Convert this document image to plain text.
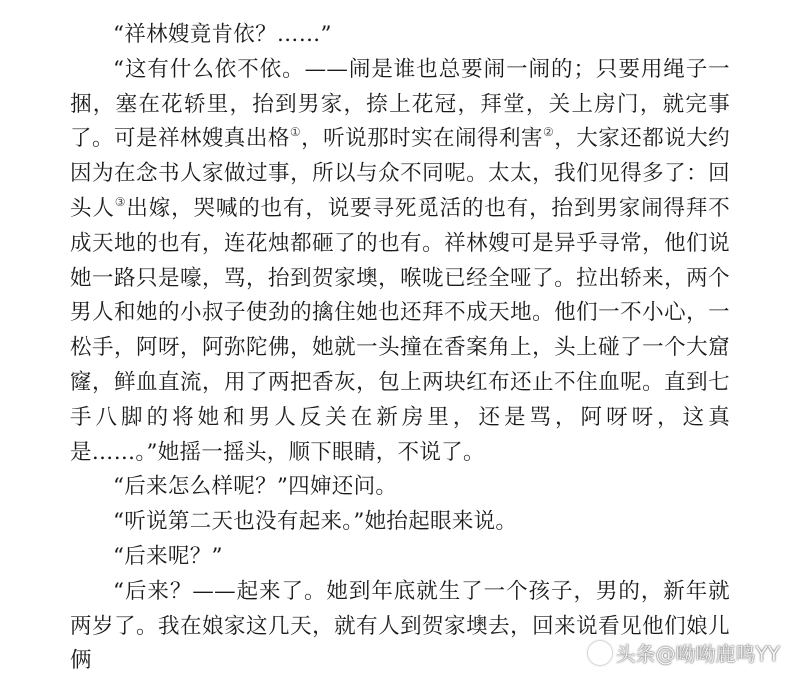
“祥林嫂竟肯依？……”

“这有什么依不依。——闹是谁也总要闹一闹的；只要用绳子一捆，塞在花轿里，抬到男家，捺上花冠，拜堂，关上房门，就完事了。可是祥林嫂真出格①，听说那时实在闹得利害②，大家还都说大约因为在念书人家做过事，所以与众不同呢。太太，我们见得多了：回头人③出嫁，哭喊的也有，说要寻死觅活的也有，抬到男家闹得拜不成天地的也有，连花烛都砸了的也有。祥林嫂可是异乎寻常，他们说她一路只是嚎，骂，抬到贺家墺，喉咙已经全哑了。拉出轿来，两个男人和她的小叔子使劲的擒住她也还拜不成天地。他们一不小心，一松手，阿呀，阿弥陀佛，她就一头撞在香案角上，头上碰了一个大窟窿，鲜血直流，用了两把香灰，包上两块红布还止不住血呢。直到七手八脚的将她和男人反关在新房里，还是骂，阿呀呀，这真是……。”她摇一摇头，顺下眼睛，不说了。

“后来怎么样呢？”四婶还问。

“听说第二天也没有起来。”她抬起眼来说。

“后来呢？”

“后来？——起来了。她到年底就生了一个孩子，男的，新年就两岁了。我在娘家这几天，就有人到贺家墺去，回来说看见他们娘儿俩	头条@呦呦鹿鸣YY
